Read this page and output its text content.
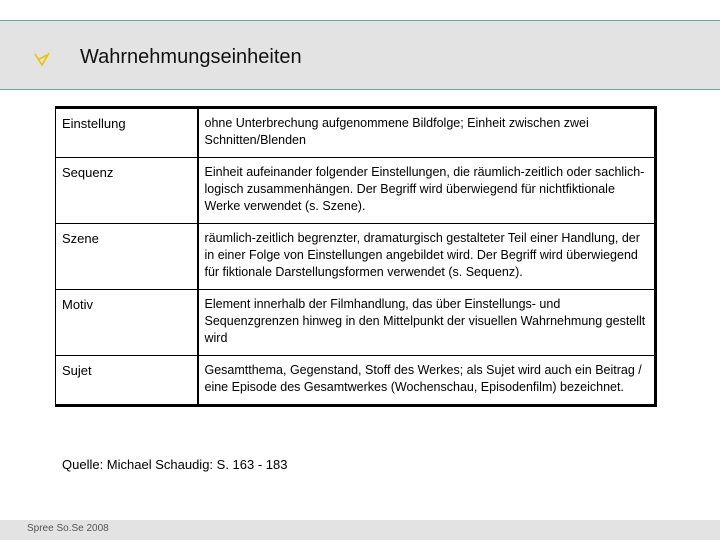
Wahrnehmungseinheiten
Einstellung	ohne Unterbrechung aufgenommene Bildfolge; Einheit zwischen zwei Schnitten/Blenden
Sequenz	Einheit aufeinander folgender Einstellungen, die räumlich-zeitlich oder sachlich-logisch zusammenhängen. Der Begriff wird überwiegend für nichtfiktionale Werke verwendet (s. Szene).
Szene	räumlich-zeitlich begrenzter, dramaturgisch gestalteter Teil einer Handlung, der in einer Folge von Einstellungen angebildet wird. Der Begriff wird überwiegend für fiktionale Darstellungsformen verwendet (s. Sequenz).
Motiv	Element innerhalb der Filmhandlung, das über Einstellungs- und Sequenzgrenzen hinweg in den Mittelpunkt der visuellen Wahrnehmung gestellt wird
Sujet	Gesamtthema, Gegenstand, Stoff des Werkes; als Sujet wird auch ein Beitrag / eine Episode des Gesamtwerkes (Wochenschau, Episodenfilm) bezeichnet.
Quelle: Michael Schaudig: S. 163 - 183
Spree So.Se 2008
